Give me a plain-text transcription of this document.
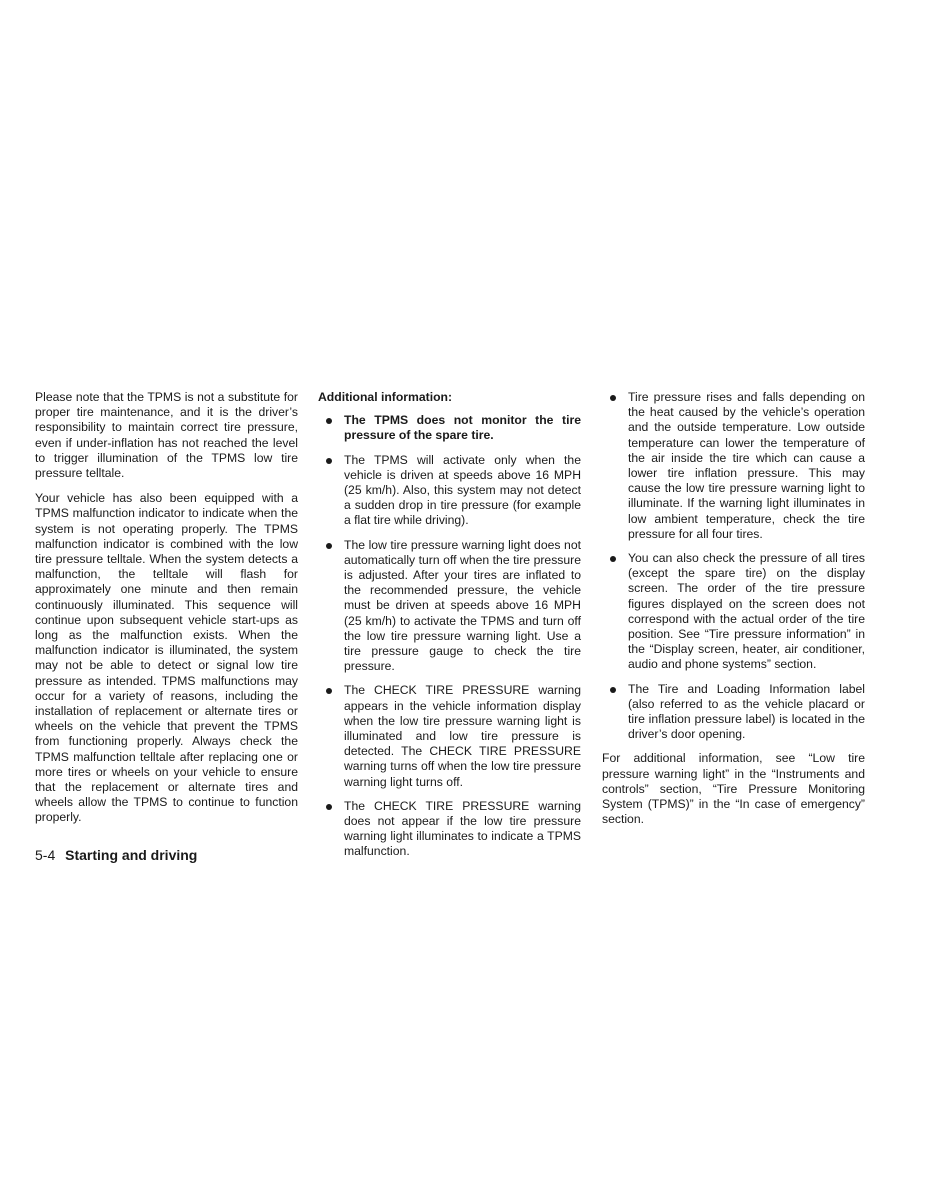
Please note that the TPMS is not a substitute for proper tire maintenance, and it is the driver’s responsibility to maintain correct tire pressure, even if under-inflation has not reached the level to trigger illumination of the TPMS low tire pressure telltale.

Your vehicle has also been equipped with a TPMS malfunction indicator to indicate when the system is not operating properly. The TPMS malfunction indicator is combined with the low tire pressure telltale. When the system detects a malfunction, the telltale will flash for approximately one minute and then remain continuously illuminated. This sequence will continue upon subsequent vehicle start-ups as long as the malfunction exists. When the malfunction indicator is illuminated, the system may not be able to detect or signal low tire pressure as intended. TPMS malfunctions may occur for a variety of reasons, including the installation of replacement or alternate tires or wheels on the vehicle that prevent the TPMS from functioning properly. Always check the TPMS malfunction telltale after replacing one or more tires or wheels on your vehicle to ensure that the replacement or alternate tires and wheels allow the TPMS to continue to function properly.

Additional information:
The TPMS does not monitor the tire pressure of the spare tire.
The TPMS will activate only when the vehicle is driven at speeds above 16 MPH (25 km/h). Also, this system may not detect a sudden drop in tire pressure (for example a flat tire while driving).
The low tire pressure warning light does not automatically turn off when the tire pressure is adjusted. After your tires are inflated to the recommended pressure, the vehicle must be driven at speeds above 16 MPH (25 km/h) to activate the TPMS and turn off the low tire pressure warning light. Use a tire pressure gauge to check the tire pressure.
The CHECK TIRE PRESSURE warning appears in the vehicle information display when the low tire pressure warning light is illuminated and low tire pressure is detected. The CHECK TIRE PRESSURE warning turns off when the low tire pressure warning light turns off.
The CHECK TIRE PRESSURE warning does not appear if the low tire pressure warning light illuminates to indicate a TPMS malfunction.
Tire pressure rises and falls depending on the heat caused by the vehicle’s operation and the outside temperature. Low outside temperature can lower the temperature of the air inside the tire which can cause a lower tire inflation pressure. This may cause the low tire pressure warning light to illuminate. If the warning light illuminates in low ambient temperature, check the tire pressure for all four tires.
You can also check the pressure of all tires (except the spare tire) on the display screen. The order of the tire pressure figures displayed on the screen does not correspond with the actual order of the tire position. See “Tire pressure information” in the “Display screen, heater, air conditioner, audio and phone systems” section.
The Tire and Loading Information label (also referred to as the vehicle placard or tire inflation pressure label) is located in the driver’s door opening.

For additional information, see “Low tire pressure warning light” in the “Instruments and controls” section, “Tire Pressure Monitoring System (TPMS)” in the “In case of emergency” section.

5-4 Starting and driving
